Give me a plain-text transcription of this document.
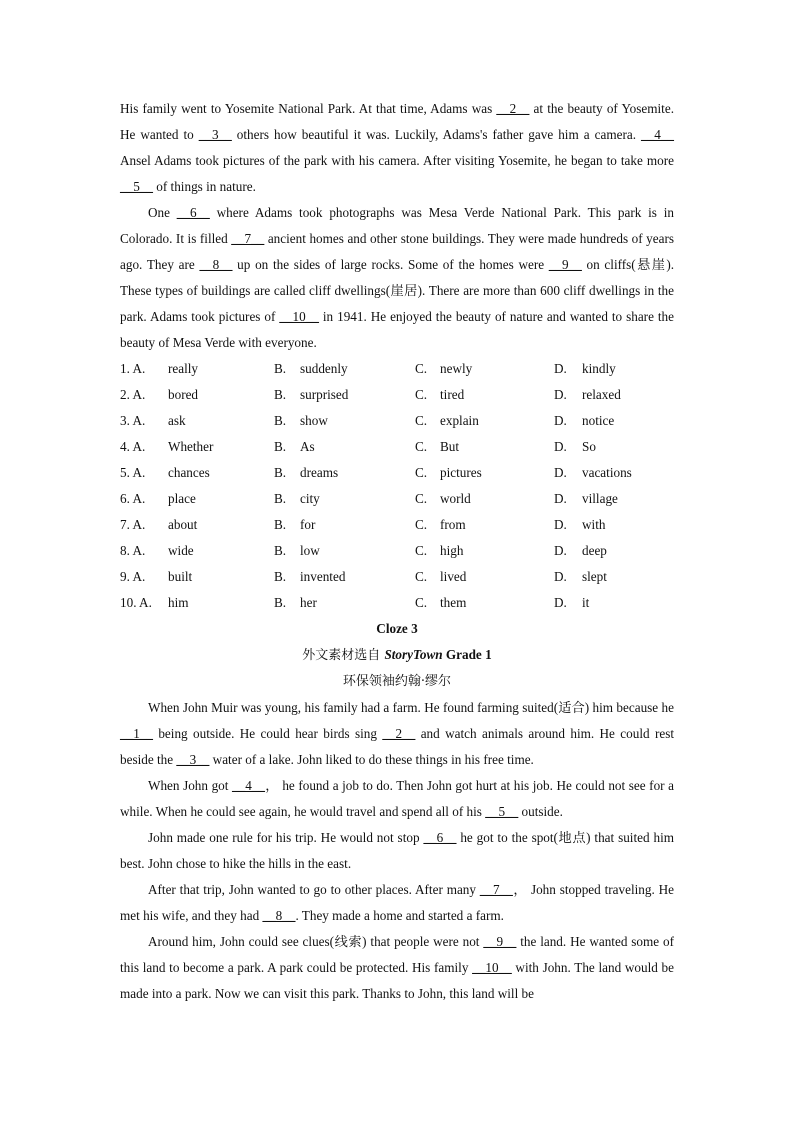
His family went to Yosemite National Park. At that time, Adams was __2__ at the beauty of Yosemite. He wanted to __3__ others how beautiful it was. Luckily, Adams's father gave him a camera. __4__ Ansel Adams took pictures of the park with his camera. After visiting Yosemite, he began to take more __5__ of things in nature.

One __6__ where Adams took photographs was Mesa Verde National Park. This park is in Colorado. It is filled __7__ ancient homes and other stone buildings. They were made hundreds of years ago. They are __8__ up on the sides of large rocks. Some of the homes were __9__ on cliffs(悬崖). These types of buildings are called cliff dwellings(崖居). There are more than 600 cliff dwellings in the park. Adams took pictures of __10__ in 1941. He enjoyed the beauty of nature and wanted to share the beauty of Mesa Verde with everyone.

1. A. really	B. suddenly	C. newly	D. kindly
2. A. bored	B. surprised	C. tired	D. relaxed
3. A. ask	B. show	C. explain	D. notice
4. A. Whether	B. As	C. But	D. So
5. A. chances	B. dreams	C. pictures	D. vacations
6. A. place	B. city	C. world	D. village
7. A. about	B. for	C. from	D. with
8. A. wide	B. low	C. high	D. deep
9. A. built	B. invented	C. lived	D. slept
10. A. him	B. her	C. them	D. it
Cloze 3
外文素材选自 StoryTown Grade 1
环保领袖约翰·缪尔

When John Muir was young, his family had a farm. He found farming suited(适合) him because he __1__ being outside. He could hear birds sing __2__ and watch animals around him. He could rest beside the __3__ water of a lake. John liked to do these things in his free time.

When John got __4__， he found a job to do. Then John got hurt at his job. He could not see for a while. When he could see again, he would travel and spend all of his __5__ outside.

John made one rule for his trip. He would not stop __6__ he got to the spot(地点) that suited him best. John chose to hike the hills in the east.

After that trip, John wanted to go to other places. After many __7__， John stopped traveling. He met his wife, and they had __8__. They made a home and started a farm.

Around him, John could see clues(线索) that people were not __9__ the land. He wanted some of this land to become a park. A park could be protected. His family __10__ with John. The land would be made into a park. Now we can visit this park. Thanks to John, this land will be
